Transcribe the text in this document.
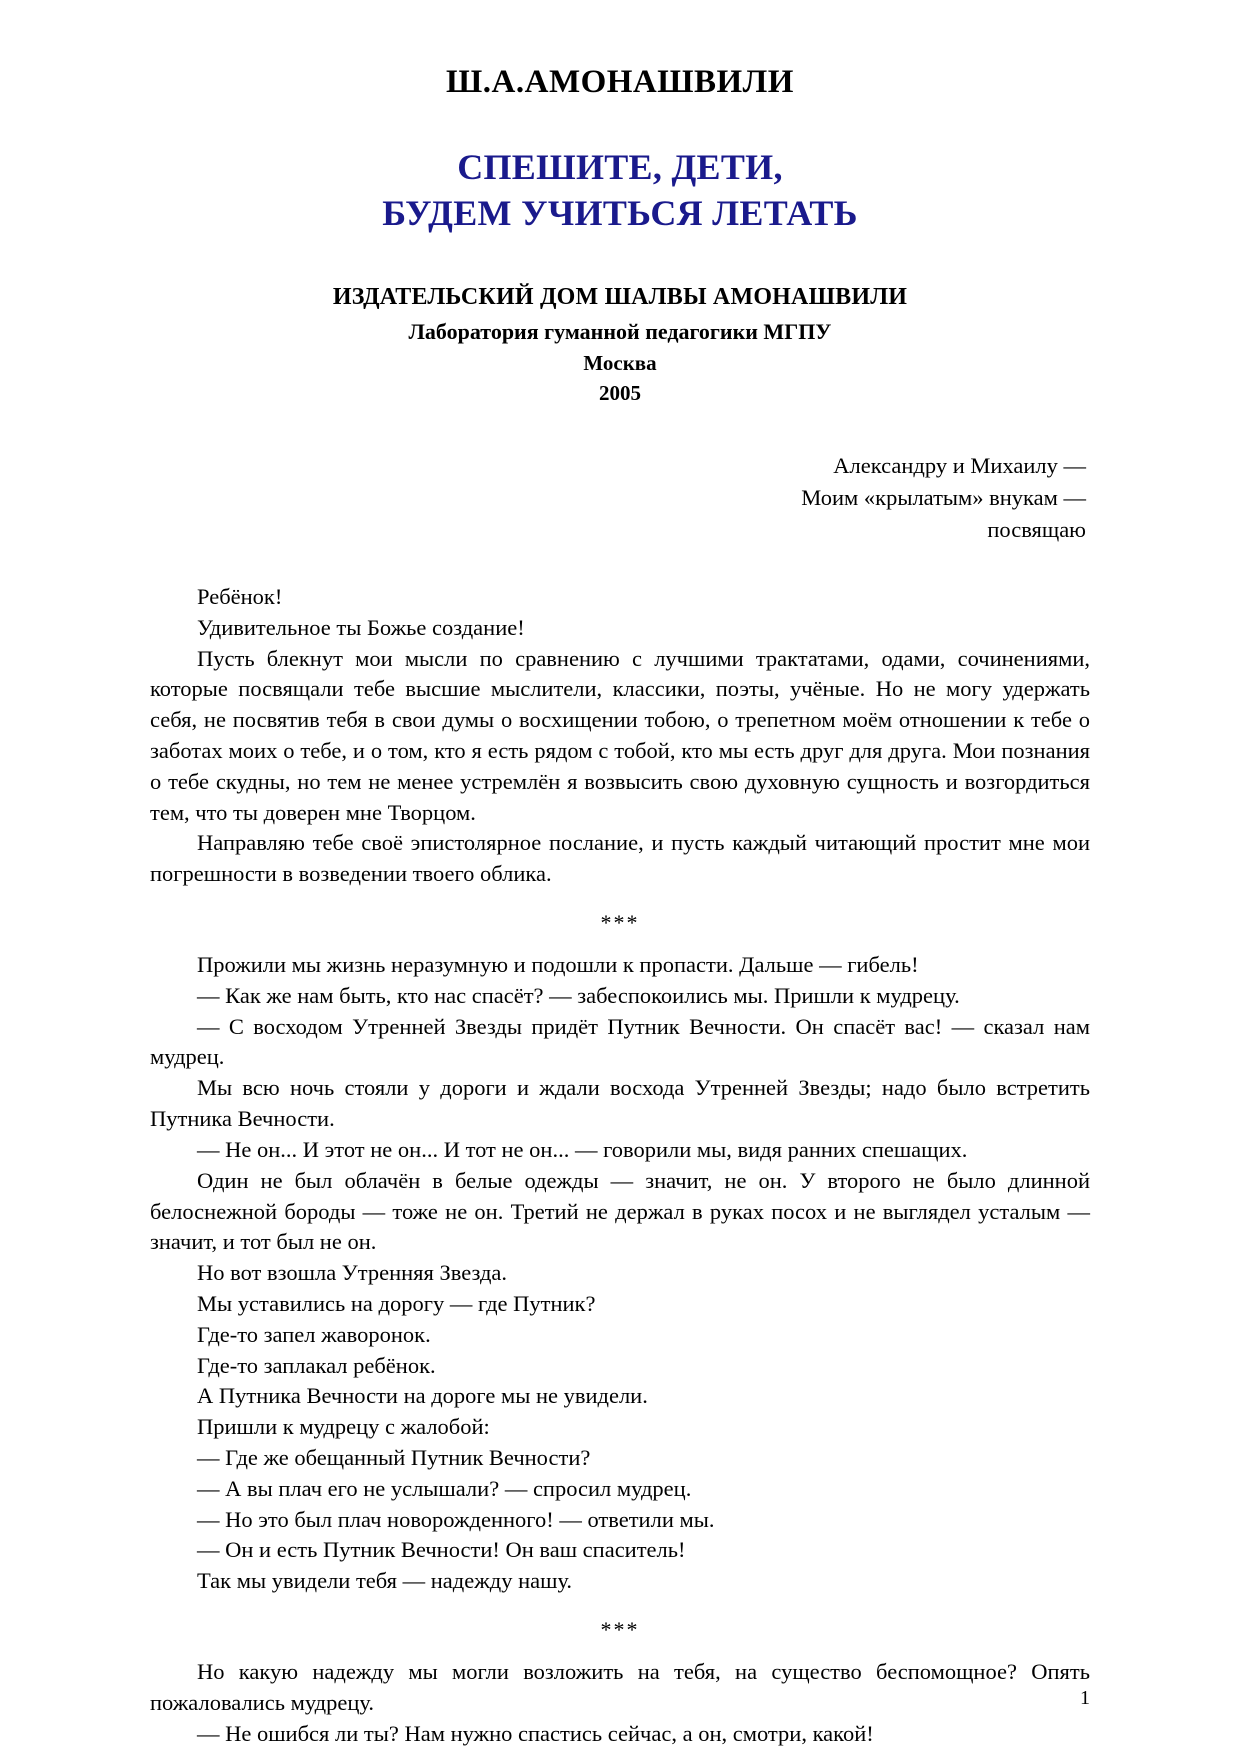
Ш.А.АМОНАШВИЛИ
СПЕШИТЕ, ДЕТИ,
БУДЕМ УЧИТЬСЯ ЛЕТАТЬ
ИЗДАТЕЛЬСКИЙ ДОМ ШАЛВЫ АМОНАШВИЛИ
Лаборатория гуманной педагогики МГПУ
Москва
2005
Александру и Михаилу —
Моим «крылатым» внукам —
посвящаю

Ребёнок!

Удивительное ты Божье создание!

Пусть блекнут мои мысли по сравнению с лучшими трактатами, одами, сочинениями, которые посвящали тебе высшие мыслители, классики, поэты, учёные. Но не могу удержать себя, не посвятив тебя в свои думы о восхищении тобою, о трепетном моём отношении к тебе о заботах моих о тебе, и о том, кто я есть рядом с тобой, кто мы есть друг для друга. Мои познания о тебе скудны, но тем не менее устремлён я возвысить свою духовную сущность и возгордиться тем, что ты доверен мне Творцом.

Направляю тебе своё эпистолярное послание, и пусть каждый читающий простит мне мои погрешности в возведении твоего облика.

***

Прожили мы жизнь неразумную и подошли к пропасти. Дальше — гибель!

— Как же нам быть, кто нас спасёт? — забеспокоились мы. Пришли к мудрецу.

— С восходом Утренней Звезды придёт Путник Вечности. Он спасёт вас! — сказал нам мудрец.

Мы всю ночь стояли у дороги и ждали восхода Утренней Звезды; надо было встретить Путника Вечности.

— Не он... И этот не он... И тот не он... — говорили мы, видя ранних спешащих.

Один не был облачён в белые одежды — значит, не он. У второго не было длинной белоснежной бороды — тоже не он. Третий не держал в руках посох и не выглядел усталым — значит, и тот был не он.

Но вот взошла Утренняя Звезда.

Мы уставились на дорогу — где Путник?

Где-то запел жаворонок.

Где-то заплакал ребёнок.

А Путника Вечности на дороге мы не увидели.

Пришли к мудрецу с жалобой:

— Где же обещанный Путник Вечности?

— А вы плач его не услышали? — спросил мудрец.

— Но это был плач новорожденного! — ответили мы.

— Он и есть Путник Вечности! Он ваш спаситель!

Так мы увидели тебя — надежду нашу.

***

Но какую надежду мы могли возложить на тебя, на существо беспомощное? Опять пожаловались мудрецу.

— Не ошибся ли ты? Нам нужно спастись сейчас, а он, смотри, какой!

1
